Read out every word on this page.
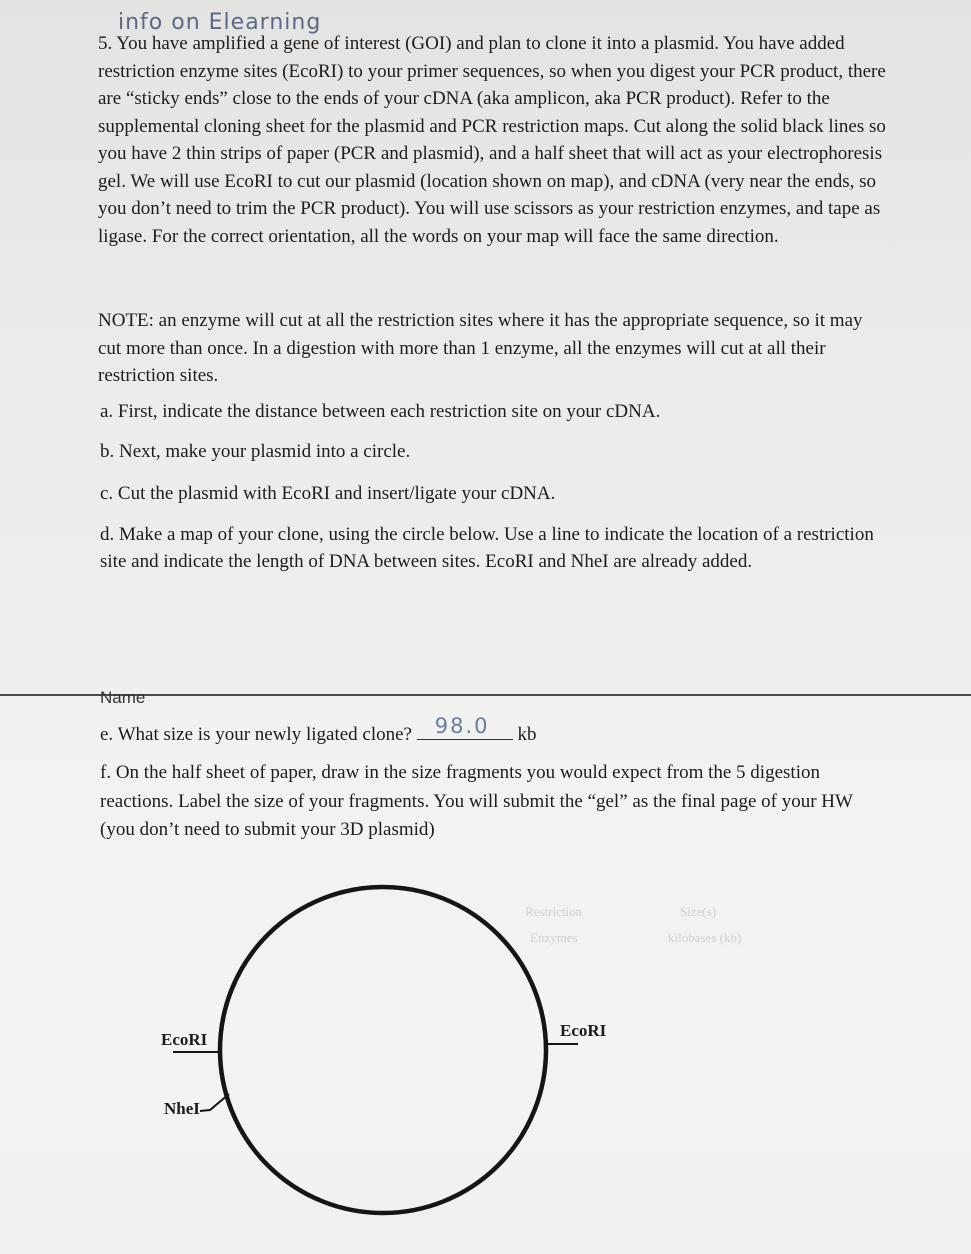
info on Elearning

5. You have amplified a gene of interest (GOI) and plan to clone it into a plasmid. You have added restriction enzyme sites (EcoRI) to your primer sequences, so when you digest your PCR product, there are “sticky ends” close to the ends of your cDNA (aka amplicon, aka PCR product). Refer to the supplemental cloning sheet for the plasmid and PCR restriction maps. Cut along the solid black lines so you have 2 thin strips of paper (PCR and plasmid), and a half sheet that will act as your electrophoresis gel. We will use EcoRI to cut our plasmid (location shown on map), and cDNA (very near the ends, so you don’t need to trim the PCR product). You will use scissors as your restriction enzymes, and tape as ligase. For the correct orientation, all the words on your map will face the same direction.

NOTE: an enzyme will cut at all the restriction sites where it has the appropriate sequence, so it may cut more than once. In a digestion with more than 1 enzyme, all the enzymes will cut at all their restriction sites.

a. First, indicate the distance between each restriction site on your cDNA.

b. Next, make your plasmid into a circle.

c. Cut the plasmid with EcoRI and insert/ligate your cDNA.

d. Make a map of your clone, using the circle below. Use a line to indicate the location of a restriction site and indicate the length of DNA between sites. EcoRI and NheI are already added.

Name

e. What size is your newly ligated clone? 98.0 kb

f. On the half sheet of paper, draw in the size fragments you would expect from the 5 digestion reactions. Label the size of your fragments. You will submit the “gel” as the final page of your HW (you don’t need to submit your 3D plasmid)

Restriction
Enzymes
Size(s)
kilobases (kb)
EcoRI	EcoRI
NheI
